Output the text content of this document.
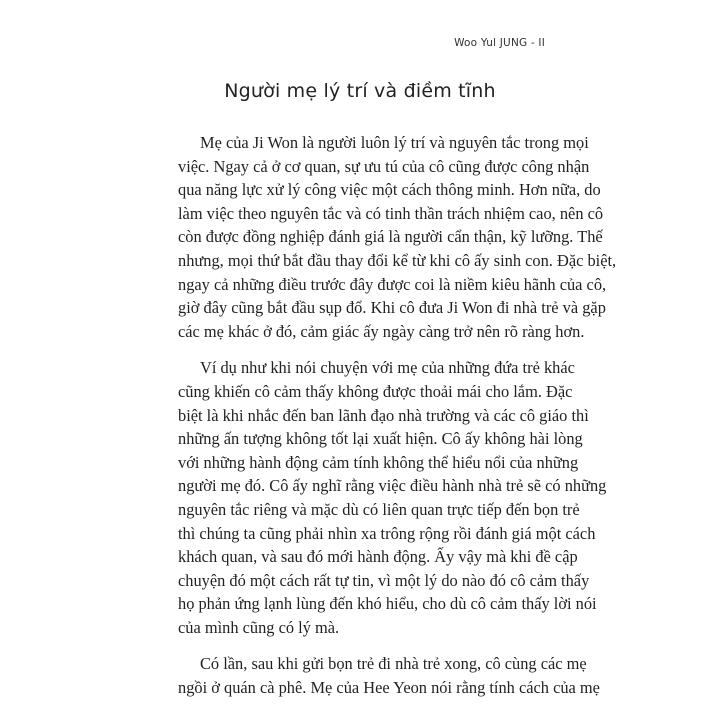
Woo Yul JUNG - II
Người mẹ lý trí và điềm tĩnh
Mẹ của Ji Won là người luôn lý trí và nguyên tắc trong mọi
việc. Ngay cả ở cơ quan, sự ưu tú của cô cũng được công nhận
qua năng lực xử lý công việc một cách thông minh. Hơn nữa, do
làm việc theo nguyên tắc và có tinh thần trách nhiệm cao, nên cô
còn được đồng nghiệp đánh giá là người cẩn thận, kỹ lưỡng. Thế
nhưng, mọi thứ bắt đầu thay đổi kể từ khi cô ấy sinh con. Đặc biệt,
ngay cả những điều trước đây được coi là niềm kiêu hãnh của cô,
giờ đây cũng bắt đầu sụp đổ. Khi cô đưa Ji Won đi nhà trẻ và gặp
các mẹ khác ở đó, cảm giác ấy ngày càng trở nên rõ ràng hơn.
Ví dụ như khi nói chuyện với mẹ của những đứa trẻ khác
cũng khiến cô cảm thấy không được thoải mái cho lắm. Đặc
biệt là khi nhắc đến ban lãnh đạo nhà trường và các cô giáo thì
những ấn tượng không tốt lại xuất hiện. Cô ấy không hài lòng
với những hành động cảm tính không thể hiểu nổi của những
người mẹ đó. Cô ấy nghĩ rằng việc điều hành nhà trẻ sẽ có những
nguyên tắc riêng và mặc dù có liên quan trực tiếp đến bọn trẻ
thì chúng ta cũng phải nhìn xa trông rộng rồi đánh giá một cách
khách quan, và sau đó mới hành động. Ấy vậy mà khi đề cập
chuyện đó một cách rất tự tin, vì một lý do nào đó cô cảm thấy
họ phản ứng lạnh lùng đến khó hiểu, cho dù cô cảm thấy lời nói
của mình cũng có lý mà.
Có lần, sau khi gửi bọn trẻ đi nhà trẻ xong, cô cùng các mẹ
ngồi ở quán cà phê. Mẹ của Hee Yeon nói rằng tính cách của mẹ
